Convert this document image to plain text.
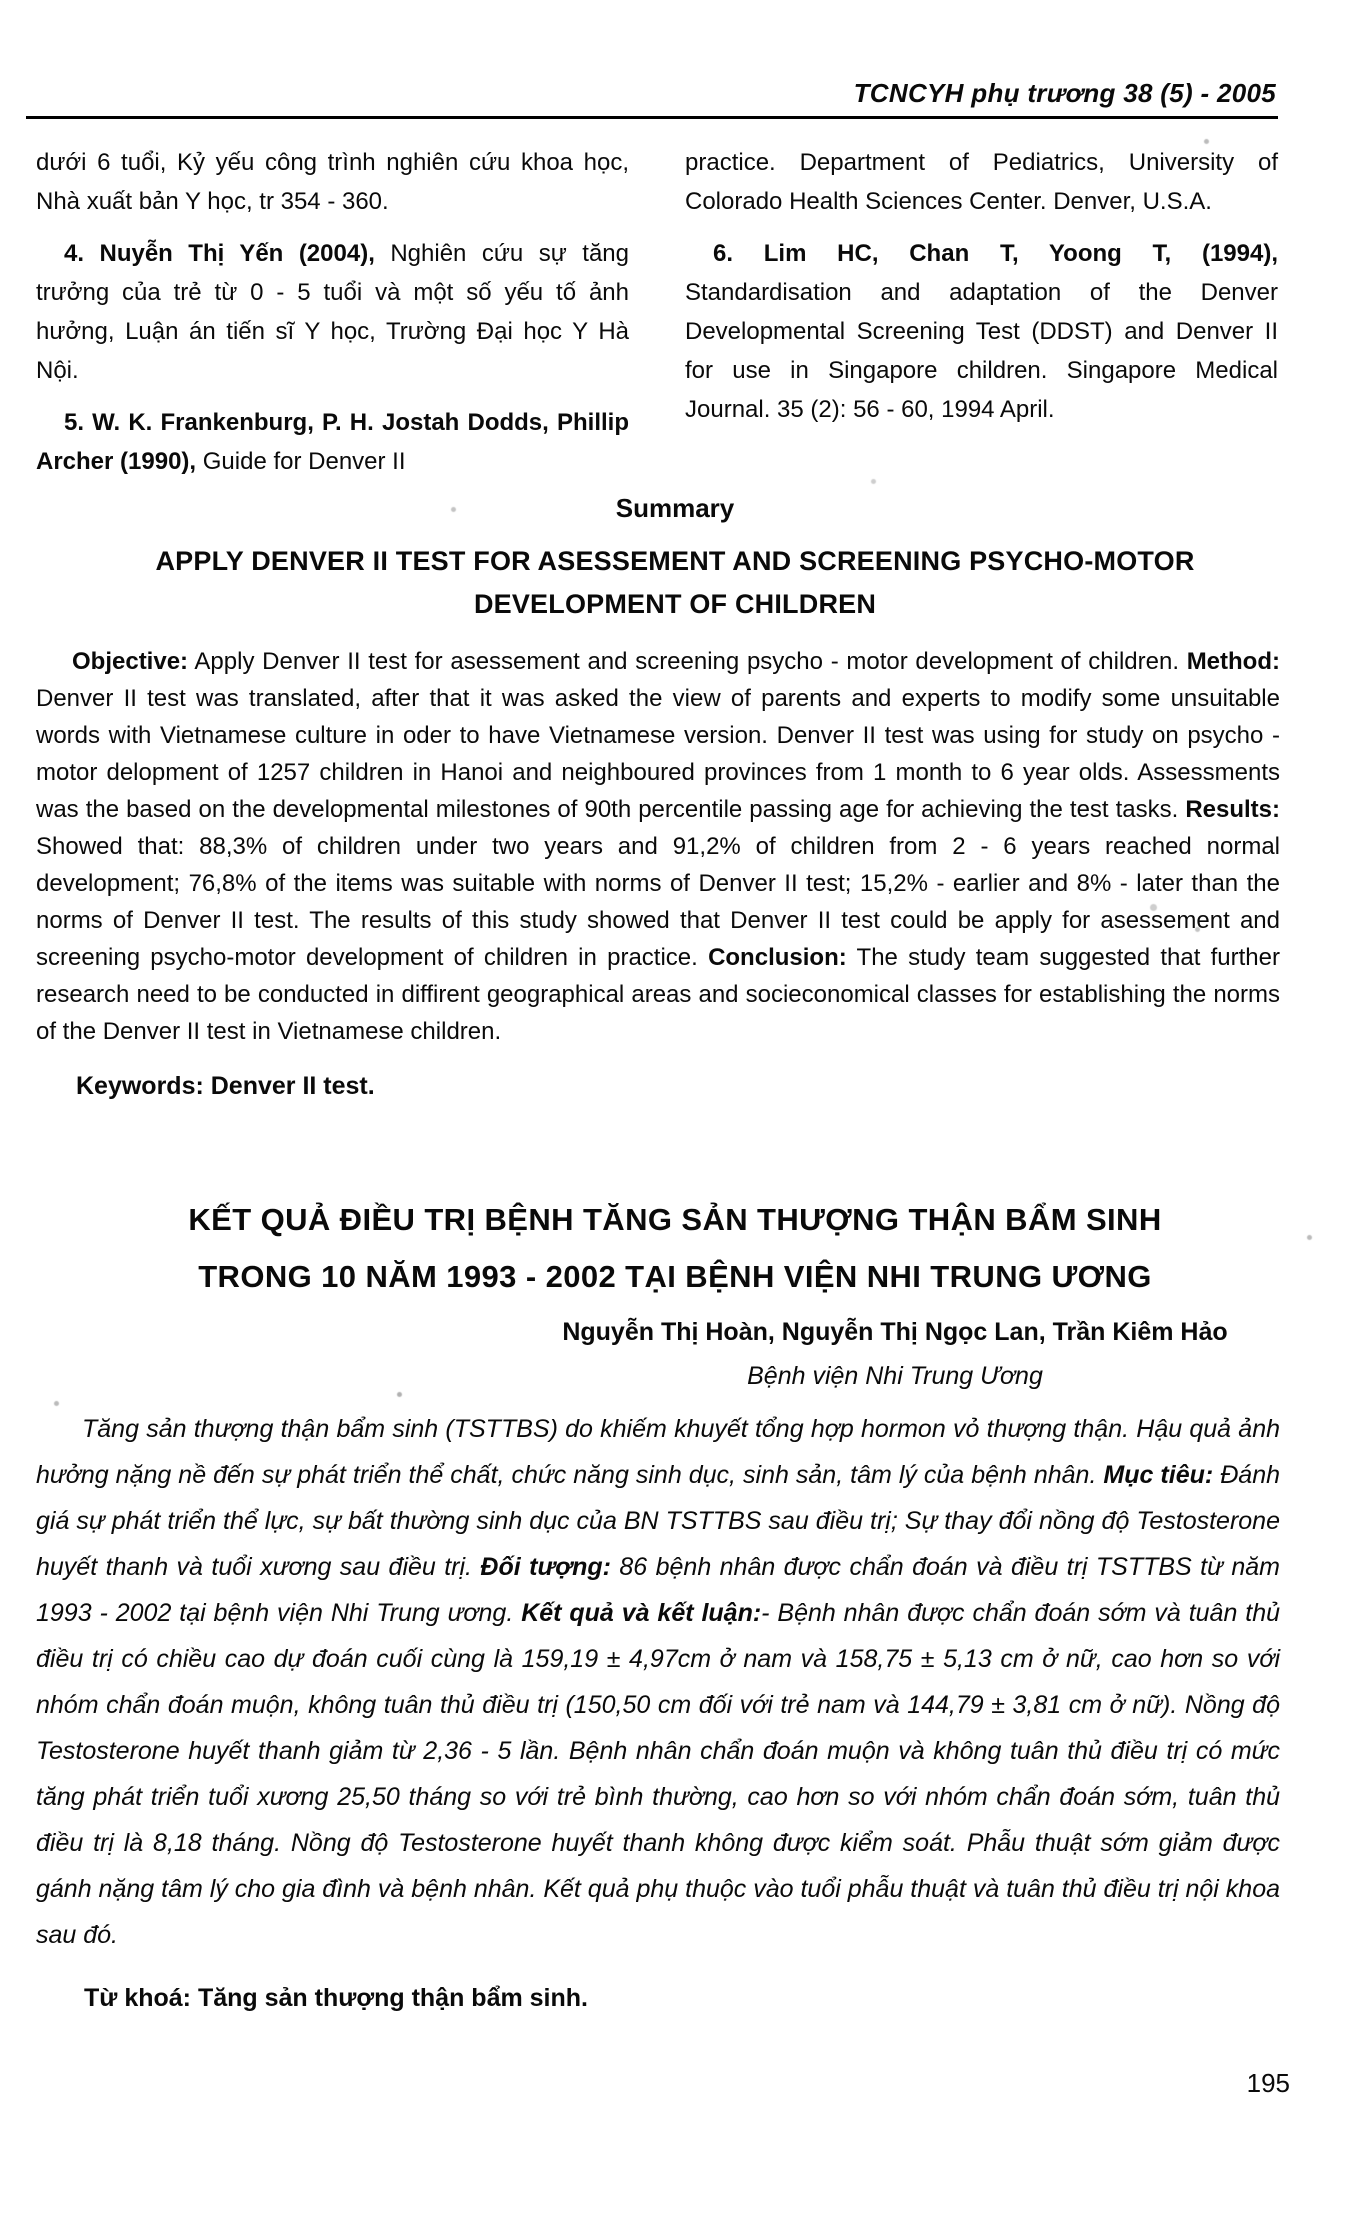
TCNCYH phụ trương 38 (5) - 2005

dưới 6 tuổi, Kỷ yếu công trình nghiên cứu khoa học, Nhà xuất bản Y học, tr 354 - 360.

4. Nuyễn Thị Yến (2004), Nghiên cứu sự tăng trưởng của trẻ từ 0 - 5 tuổi và một số yếu tố ảnh hưởng, Luận án tiến sĩ Y học, Trường Đại học Y Hà Nội.

5. W. K. Frankenburg, P. H. Jostah Dodds, Phillip Archer (1990), Guide for Denver II

practice. Department of Pediatrics, University of Colorado Health Sciences Center. Denver, U.S.A.

6. Lim HC, Chan T, Yoong T, (1994), Standardisation and adaptation of the Denver Developmental Screening Test (DDST) and Denver II for use in Singapore children. Singapore Medical Journal. 35 (2): 56 - 60, 1994 April.

Summary
APPLY DENVER II TEST FOR ASESSEMENT AND SCREENING PSYCHO-MOTOR
DEVELOPMENT OF CHILDREN

Objective: Apply Denver II test for asessement and screening psycho - motor development of children. Method: Denver II test was translated, after that it was asked the view of parents and experts to modify some unsuitable words with Vietnamese culture in oder to have Vietnamese version. Denver II test was using for study on psycho - motor delopment of 1257 children in Hanoi and neighboured provinces from 1 month to 6 year olds. Assessments was the based on the developmental milestones of 90th percentile passing age for achieving the test tasks. Results: Showed that: 88,3% of children under two years and 91,2% of children from 2 - 6 years reached normal development; 76,8% of the items was suitable with norms of Denver II test; 15,2% - earlier and 8% - later than the norms of Denver II test. The results of this study showed that Denver II test could be apply for asessement and screening psycho-motor development of children in practice. Conclusion: The study team suggested that further research need to be conducted in diffirent geographical areas and socieconomical classes for establishing the norms of the Denver II test in Vietnamese children.

Keywords: Denver II test.

KẾT QUẢ ĐIỀU TRỊ BỆNH TĂNG SẢN THƯỢNG THẬN BẨM SINH
TRONG 10 NĂM 1993 - 2002 TẠI BỆNH VIỆN NHI TRUNG ƯƠNG
Nguyễn Thị Hoàn, Nguyễn Thị Ngọc Lan, Trần Kiêm Hảo
Bệnh viện Nhi Trung Ương

Tăng sản thượng thận bẩm sinh (TSTTBS) do khiếm khuyết tổng hợp hormon vỏ thượng thận. Hậu quả ảnh hưởng nặng nề đến sự phát triển thể chất, chức năng sinh dục, sinh sản, tâm lý của bệnh nhân. Mục tiêu: Đánh giá sự phát triển thể lực, sự bất thường sinh dục của BN TSTTBS sau điều trị; Sự thay đổi nồng độ Testosterone huyết thanh và tuổi xương sau điều trị. Đối tượng: 86 bệnh nhân được chẩn đoán và điều trị TSTTBS từ năm 1993 - 2002 tại bệnh viện Nhi Trung ương. Kết quả và kết luận:- Bệnh nhân được chẩn đoán sớm và tuân thủ điều trị có chiều cao dự đoán cuối cùng là 159,19 ± 4,97cm ở nam và 158,75 ± 5,13 cm ở nữ, cao hơn so với nhóm chẩn đoán muộn, không tuân thủ điều trị (150,50 cm đối với trẻ nam và 144,79 ± 3,81 cm ở nữ). Nồng độ Testosterone huyết thanh giảm từ 2,36 - 5 lần. Bệnh nhân chẩn đoán muộn và không tuân thủ điều trị có mức tăng phát triển tuổi xương 25,50 tháng so với trẻ bình thường, cao hơn so với nhóm chẩn đoán sớm, tuân thủ điều trị là 8,18 tháng. Nồng độ Testosterone huyết thanh không được kiểm soát. Phẫu thuật sớm giảm được gánh nặng tâm lý cho gia đình và bệnh nhân. Kết quả phụ thuộc vào tuổi phẫu thuật và tuân thủ điều trị nội khoa sau đó.

Từ khoá: Tăng sản thượng thận bẩm sinh.

195
